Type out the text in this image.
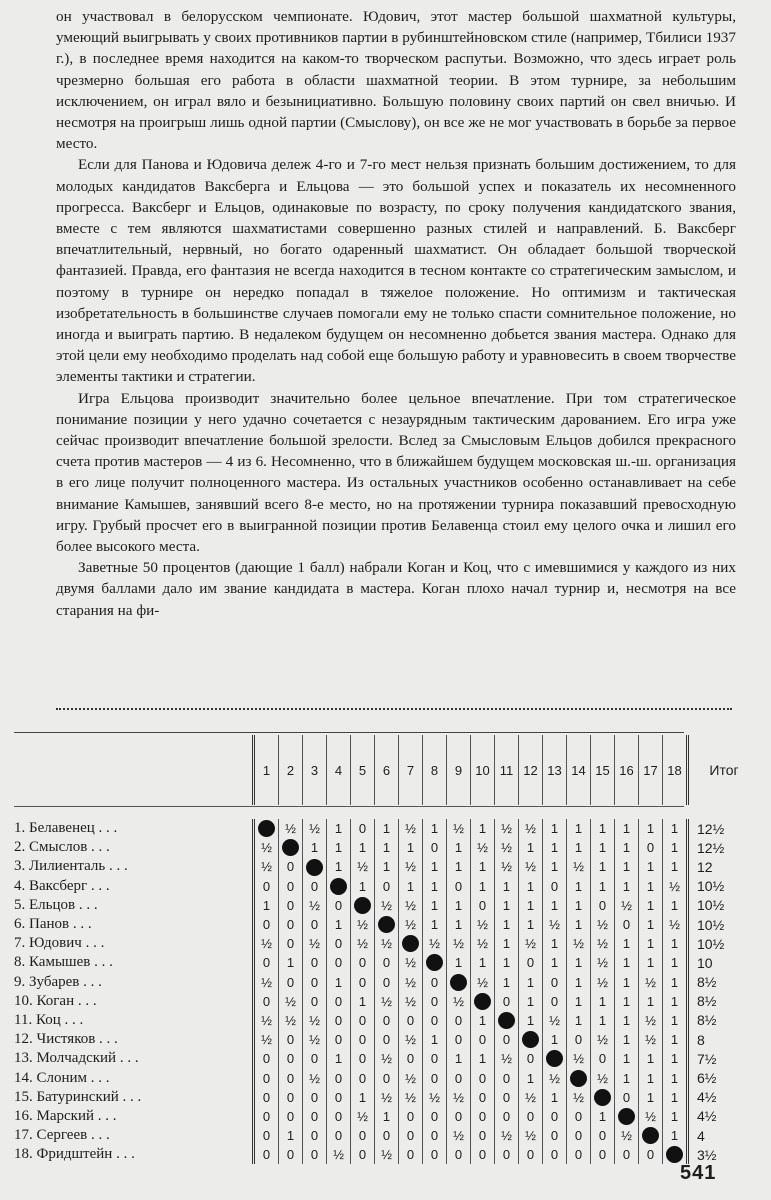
он участвовал в белорусском чемпионате. Юдович, этот мастер большой шахматной культуры, умеющий выигрывать у своих противников партии в рубинштейновском стиле (например, Тбилиси 1937 г.), в последнее время находится на каком-то творческом распутьи. Возможно, что здесь играет роль чрезмерно большая его работа в области шахматной теории. В этом турнире, за небольшим исключением, он играл вяло и безынициативно. Большую половину своих партий он свел вничью. И несмотря на проигрыш лишь одной партии (Смыслову), он все же не мог участвовать в борьбе за первое место.

Если для Панова и Юдовича дележ 4-го и 7-го мест нельзя признать большим достижением, то для молодых кандидатов Ваксберга и Ельцова — это большой успех и показатель их несомненного прогресса. Ваксберг и Ельцов, одинаковые по возрасту, по сроку получения кандидатского звания, вместе с тем являются шахматистами совершенно разных стилей и направлений. Б. Ваксберг впечатлительный, нервный, но богато одаренный шахматист. Он обладает большой творческой фантазией. Правда, его фантазия не всегда находится в тесном контакте со стратегическим замыслом, и поэтому в турнире он нередко попадал в тяжелое положение. Но оптимизм и тактическая изобретательность в большинстве случаев помогали ему не только спасти сомнительное положение, но иногда и выиграть партию. В недалеком будущем он несомненно добьется звания мастера. Однако для этой цели ему необходимо проделать над собой еще большую работу и уравновесить в своем творчестве элементы тактики и стратегии.

Игра Ельцова производит значительно более цельное впечатление. При том стратегическое понимание позиции у него удачно сочетается с незаурядным тактическим дарованием. Его игра уже сейчас производит впечатление большой зрелости. Вслед за Смысловым Ельцов добился прекрасного счета против мастеров — 4 из 6. Несомненно, что в ближайшем будущем московская ш.-ш. организация в его лице получит полноценного мастера. Из остальных участников особенно останавливает на себе внимание Камышев, занявший всего 8-е место, но на протяжении турнира показавший превосходную игру. Грубый просчет его в выигранной позиции против Белавенца стоил ему целого очка и лишил его более высокого места.

Заветные 50 процентов (дающие 1 балл) набрали Коган и Коц, что с имевшимися у каждого из них двумя баллами дало им звание кандидата в мастера. Коган плохо начал турнир и, несмотря на все старания на фи-

	1	2	3	4	5	6	7	8	9	10	11	12	13	14	15	16	17	18	Итог

1. Белавенец . . .		½	½	1	0	1	½	1	½	1	½	½	1	1	1	1	1	1	12½
2. Смыслов . . .	½		1	1	1	1	1	0	1	½	½	1	1	1	1	1	0	1	12½
3. Лилиенталь . . .	½	0		1	½	1	½	1	1	1	½	½	1	½	1	1	1	1	12
4. Ваксберг . . .	0	0	0		1	0	1	1	0	1	1	1	0	1	1	1	1	½	10½
5. Ельцов . . .	1	0	½	0		½	½	1	1	0	1	1	1	1	0	½	1	1	10½
6. Панов . . .	0	0	0	1	½		½	1	1	½	1	1	½	1	½	0	1	½	10½
7. Юдович . . .	½	0	½	0	½	½		½	½	½	1	½	1	½	½	1	1	1	10½
8. Камышев . . .	0	1	0	0	0	0	½		1	1	1	0	1	1	½	1	1	1	10
9. Зубарев . . .	½	0	0	1	0	0	½	0		½	1	1	0	1	½	1	½	1	8½
10. Коган . . .	0	½	0	0	1	½	½	0	½		0	1	0	1	1	1	1	1	8½
11. Коц . . .	½	½	½	0	0	0	0	0	0	1		1	½	1	1	1	½	1	8½
12. Чистяков . . .	½	0	½	0	0	0	½	1	0	0	0		1	0	½	1	½	1	8
13. Молчадский . . .	0	0	0	1	0	½	0	0	1	1	½	0		½	0	1	1	1	7½
14. Слоним . . .	0	0	½	0	0	0	½	0	0	0	0	1	½		½	1	1	1	6½
15. Батуринский . . .	0	0	0	0	1	½	½	½	½	0	0	½	1	½		0	1	1	4½
16. Марский . . .	0	0	0	0	½	1	0	0	0	0	0	0	0	0	1		½	1	4½
17. Сергеев . . .	0	1	0	0	0	0	0	0	½	0	½	½	0	0	0	½		1	4
18. Фридштейн . . .	0	0	0	½	0	½	0	0	0	0	0	0	0	0	0	0	0		3½
541
